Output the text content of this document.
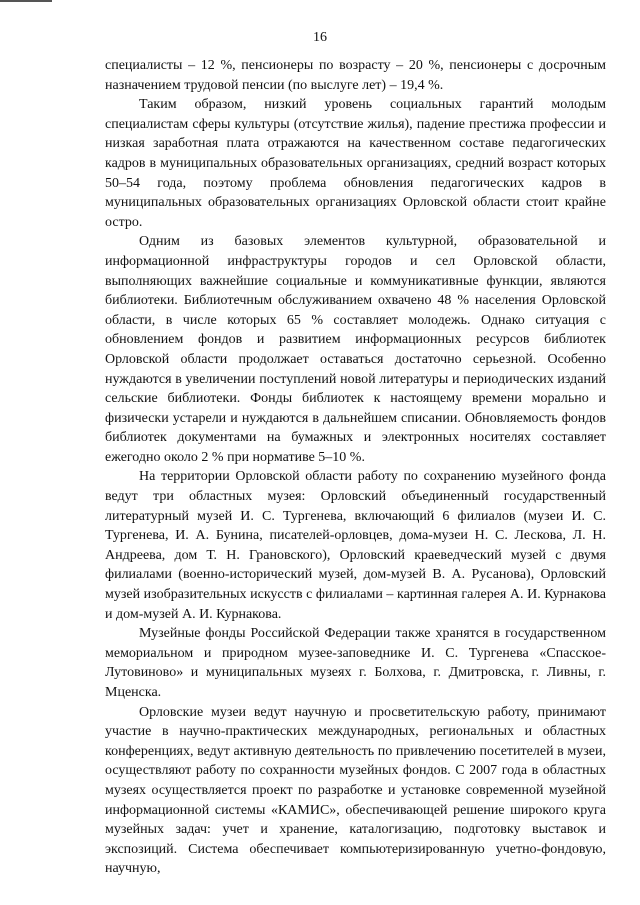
16

специалисты – 12 %, пенсионеры по возрасту – 20 %, пенсионеры с досрочным назначением трудовой пенсии (по выслуге лет) – 19,4 %.

Таким образом, низкий уровень социальных гарантий молодым специалистам сферы культуры (отсутствие жилья), падение престижа профессии и низкая заработная плата отражаются на качественном составе педагогических кадров в муниципальных образовательных организациях, средний возраст которых 50–54 года, поэтому проблема обновления педагогических кадров в муниципальных образовательных организациях Орловской области стоит крайне остро.

Одним из базовых элементов культурной, образовательной и информационной инфраструктуры городов и сел Орловской области, выполняющих важнейшие социальные и коммуникативные функции, являются библиотеки. Библиотечным обслуживанием охвачено 48 % населения Орловской области, в числе которых 65 % составляет молодежь. Однако ситуация с обновлением фондов и развитием информационных ресурсов библиотек Орловской области продолжает оставаться достаточно серьезной. Особенно нуждаются в увеличении поступлений новой литературы и периодических изданий сельские библиотеки. Фонды библиотек к настоящему времени морально и физически устарели и нуждаются в дальнейшем списании. Обновляемость фондов библиотек документами на бумажных и электронных носителях составляет ежегодно около 2 % при нормативе 5–10 %.

На территории Орловской области работу по сохранению музейного фонда ведут три областных музея: Орловский объединенный государственный литературный музей И. С. Тургенева, включающий 6 филиалов (музеи И. С. Тургенева, И. А. Бунина, писателей-орловцев, дома-музеи Н. С. Лескова, Л. Н. Андреева, дом Т. Н. Грановского), Орловский краеведческий музей с двумя филиалами (военно-исторический музей, дом-музей В. А. Русанова), Орловский музей изобразительных искусств с филиалами – картинная галерея А. И. Курнакова и дом-музей А. И. Курнакова.

Музейные фонды Российской Федерации также хранятся в государственном мемориальном и природном музее-заповеднике И. С. Тургенева «Спасское-Лутовиново» и муниципальных музеях г. Болхова, г. Дмитровска, г. Ливны, г. Мценска.

Орловские музеи ведут научную и просветительскую работу, принимают участие в научно-практических международных, региональных и областных конференциях, ведут активную деятельность по привлечению посетителей в музеи, осуществляют работу по сохранности музейных фондов. С 2007 года в областных музеях осуществляется проект по разработке и установке современной музейной информационной системы «КАМИС», обеспечивающей решение широкого круга музейных задач: учет и хранение, каталогизацию, подготовку выставок и экспозиций. Система обеспечивает компьютеризированную учетно-фондовую, научную,
